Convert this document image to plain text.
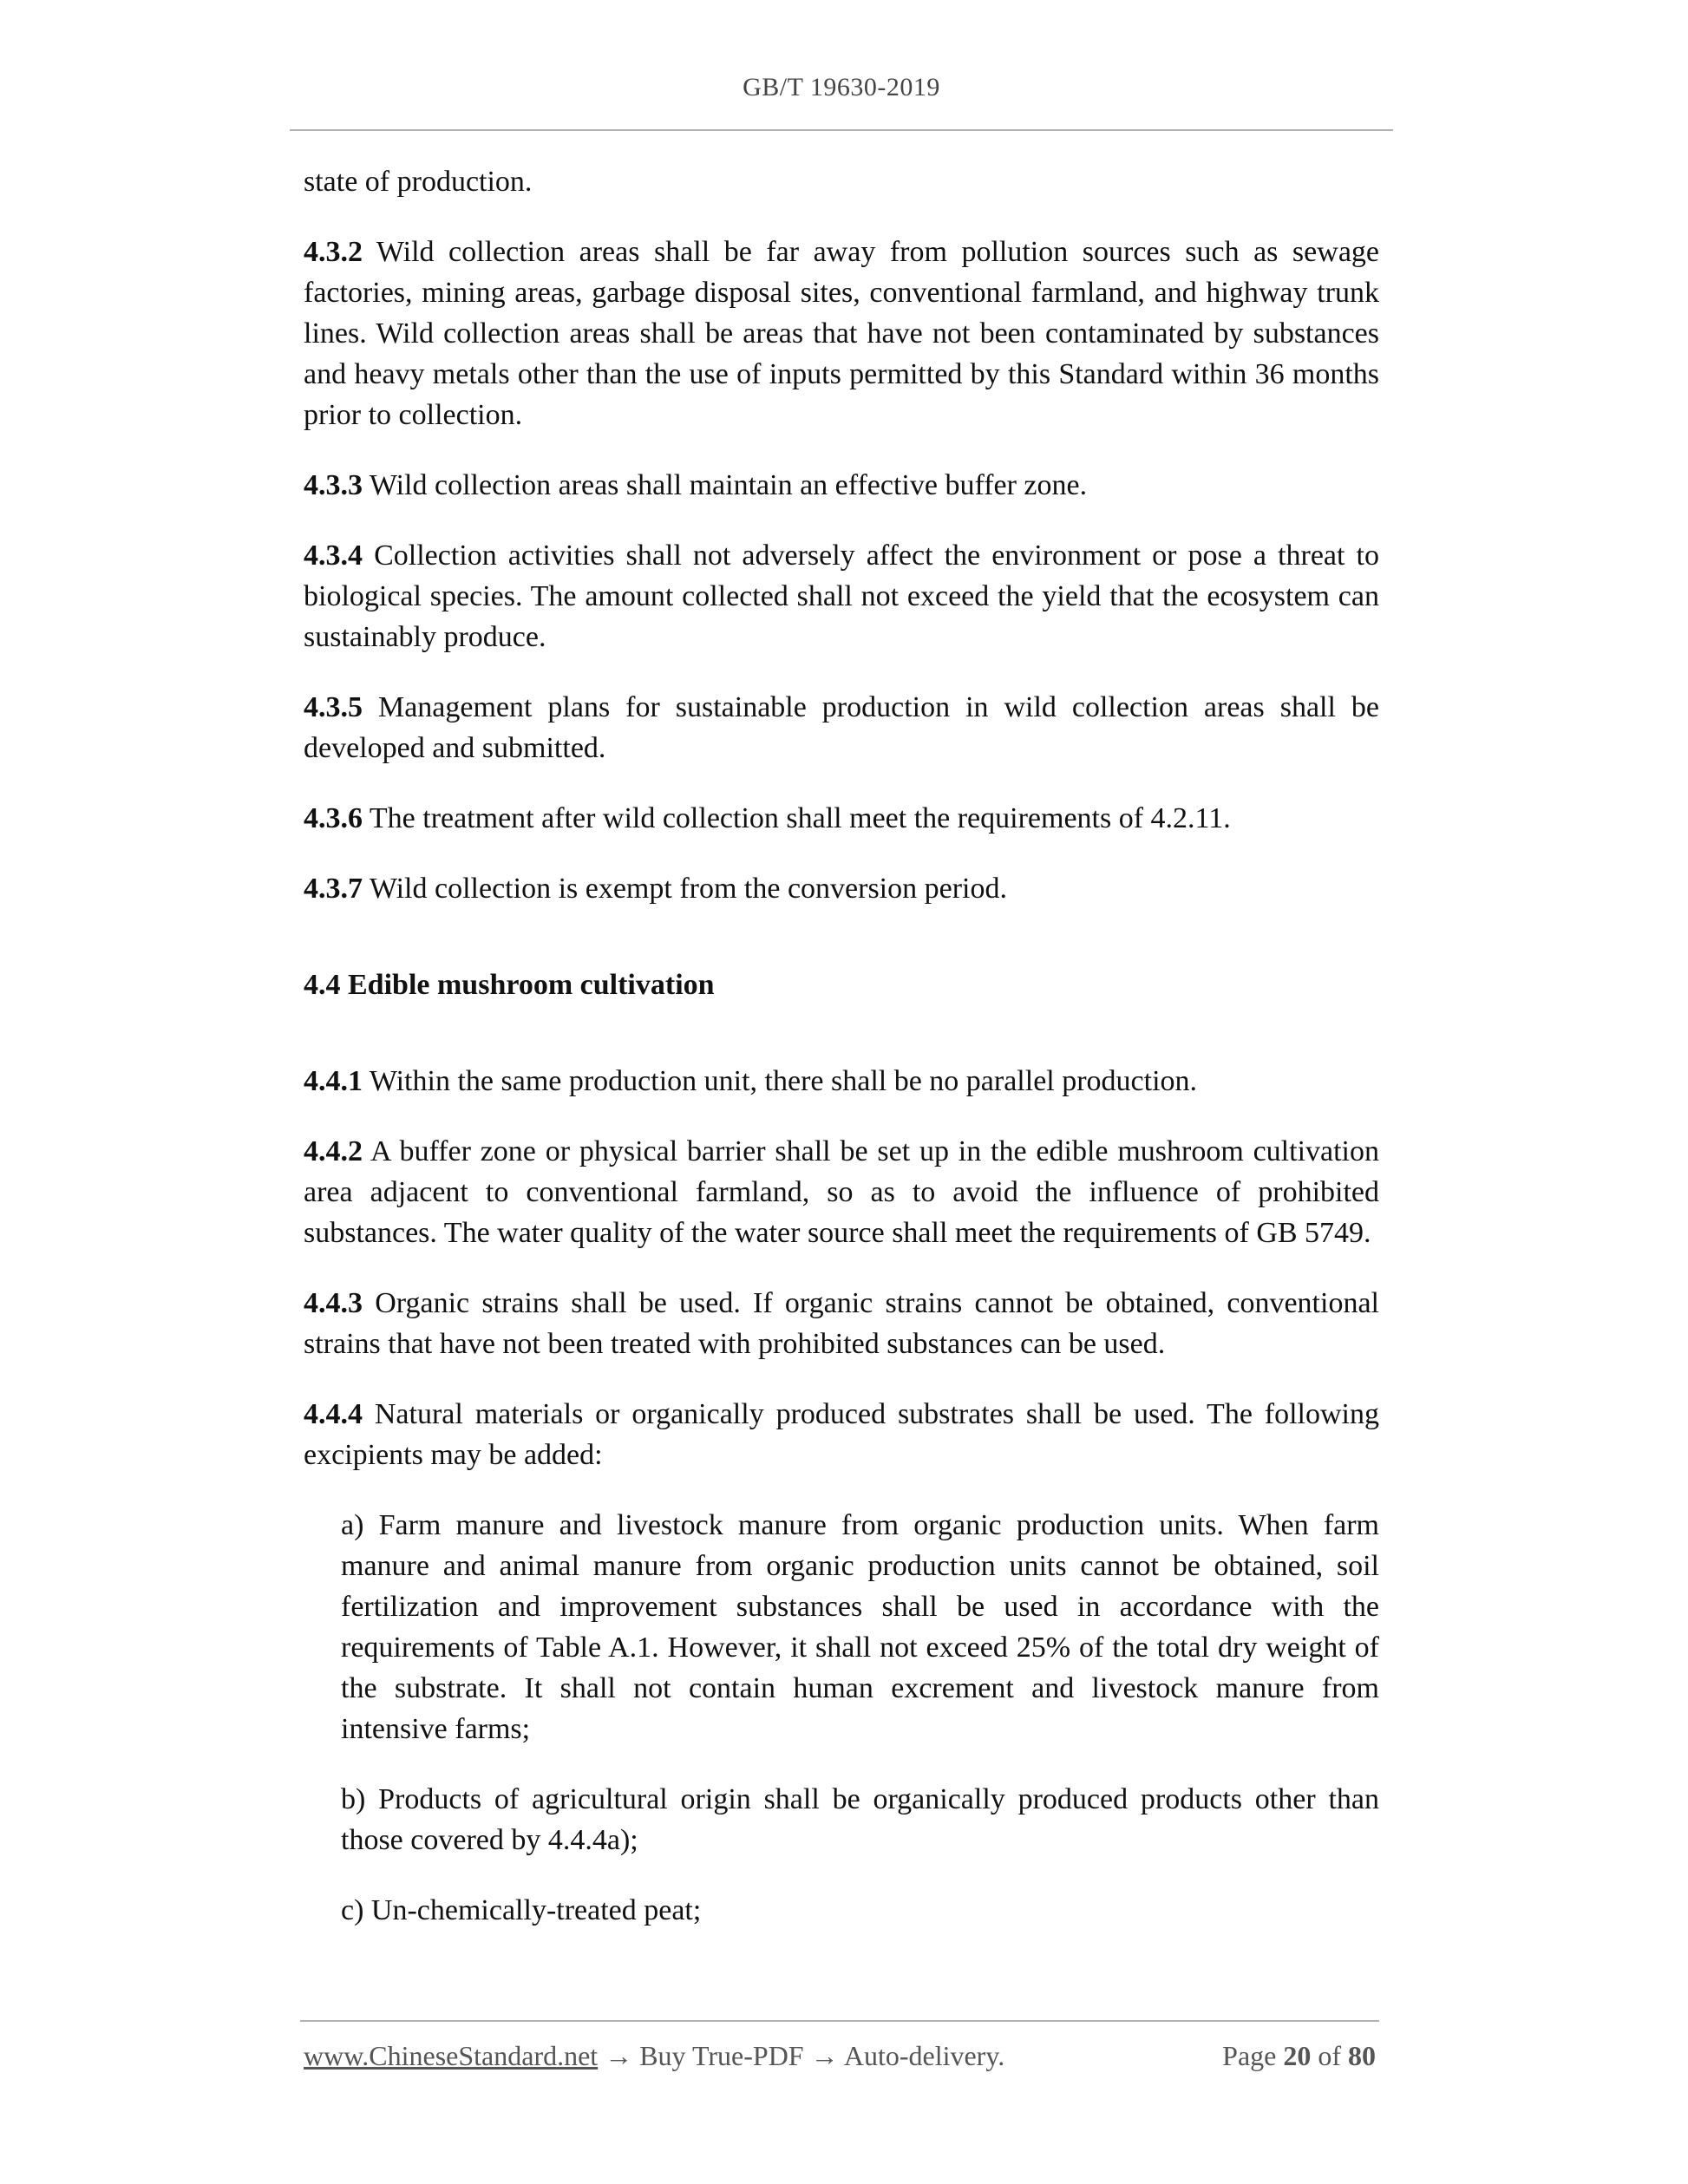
GB/T 19630-2019

state of production.

4.3.2 Wild collection areas shall be far away from pollution sources such as sewage factories, mining areas, garbage disposal sites, conventional farmland, and highway trunk lines. Wild collection areas shall be areas that have not been contaminated by substances and heavy metals other than the use of inputs permitted by this Standard within 36 months prior to collection.

4.3.3 Wild collection areas shall maintain an effective buffer zone.

4.3.4 Collection activities shall not adversely affect the environment or pose a threat to biological species. The amount collected shall not exceed the yield that the ecosystem can sustainably produce.

4.3.5 Management plans for sustainable production in wild collection areas shall be developed and submitted.

4.3.6 The treatment after wild collection shall meet the requirements of 4.2.11.

4.3.7 Wild collection is exempt from the conversion period.

4.4 Edible mushroom cultivation

4.4.1 Within the same production unit, there shall be no parallel production.

4.4.2 A buffer zone or physical barrier shall be set up in the edible mushroom cultivation area adjacent to conventional farmland, so as to avoid the influence of prohibited substances. The water quality of the water source shall meet the requirements of GB 5749.

4.4.3 Organic strains shall be used. If organic strains cannot be obtained, conventional strains that have not been treated with prohibited substances can be used.

4.4.4 Natural materials or organically produced substrates shall be used. The following excipients may be added:

a) Farm manure and livestock manure from organic production units. When farm manure and animal manure from organic production units cannot be obtained, soil fertilization and improvement substances shall be used in accordance with the requirements of Table A.1. However, it shall not exceed 25% of the total dry weight of the substrate. It shall not contain human excrement and livestock manure from intensive farms;

b) Products of agricultural origin shall be organically produced products other than those covered by 4.4.4a);

c) Un-chemically-treated peat;

www.ChineseStandard.net → Buy True-PDF → Auto-delivery.	Page 20 of 80
